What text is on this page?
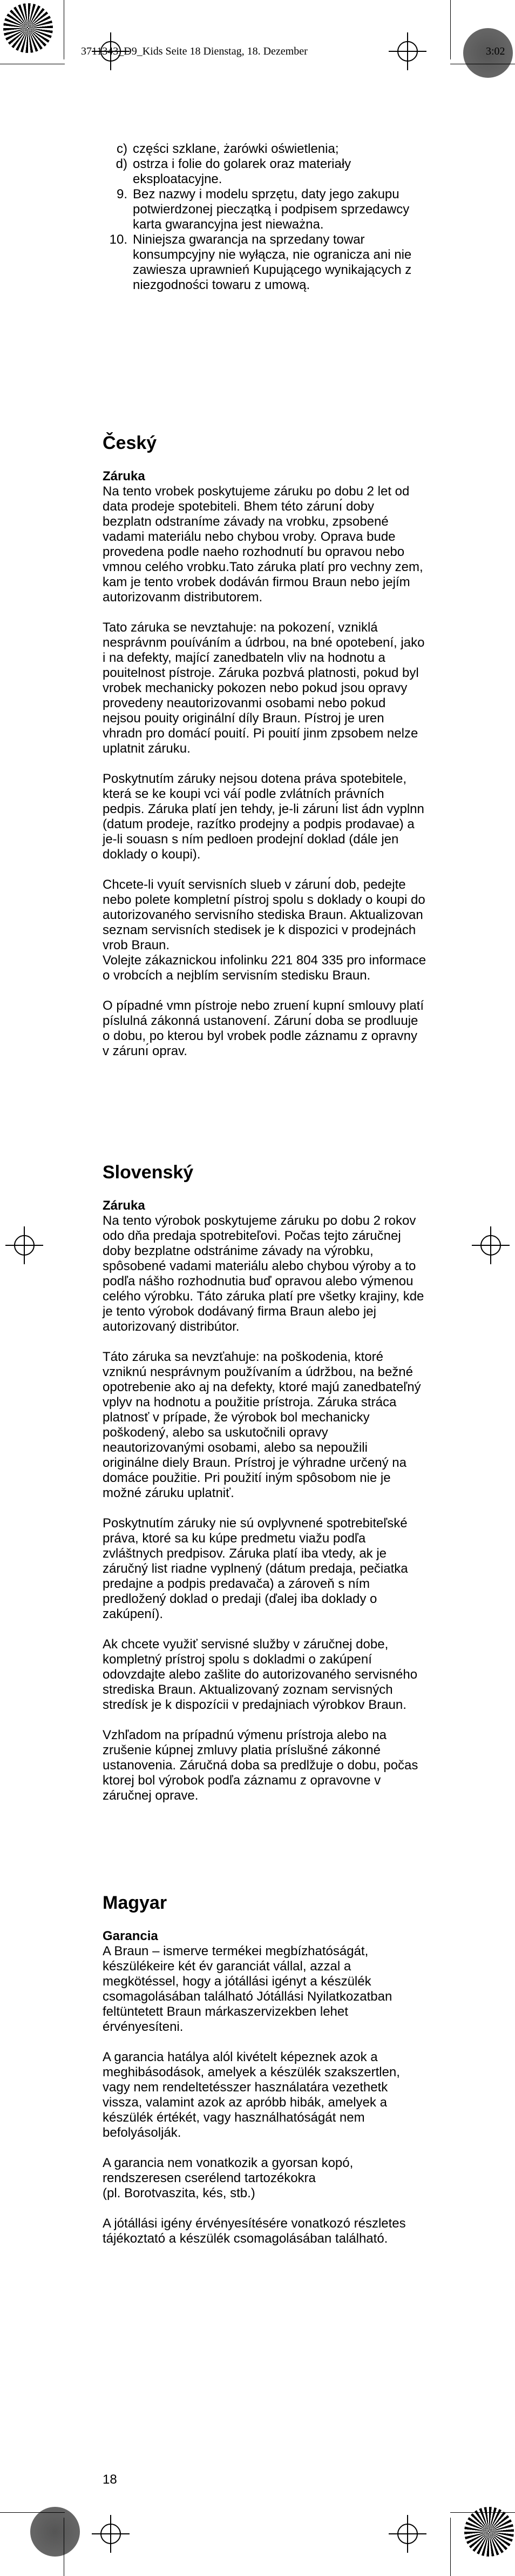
3711343_D9_Kids Seite 18 Dienstag, 18. Dezember	3:02
c) części szklane, żarówki oświetlenia;
d) ostrza i folie do golarek oraz materiały eksploatacyjne.
9. Bez nazwy i modelu sprzętu, daty jego zakupu potwierdzonej pieczątką i podpisem sprzedawcy karta gwarancyjna jest nieważna.
10. Niniejsza gwarancja na sprzedany towar konsumpcyjny nie wyłącza, nie ogranicza ani nie zawiesza uprawnień Kupującego wynikających z niezgodności towaru z umową.
Český

Záruka

Na tento vrobek poskytujeme záruku po dobu 2 let od data prodeje spotebiteli. Bhem této zárunı́ doby bezplatn odstraníme závady na vrobku, zpsobené vadami materiálu nebo chybou vroby. Oprava bude provedena podle naeho rozhodnutí bu opravou nebo vmnou celého vrobku.Tato záruka platí pro vechny zem, kam je tento vrobek dodáván firmou Braun nebo jejím autorizovanm distributorem.

Tato záruka se nevztahuje: na pokození, vzniklá nesprávnm pouíváním a údrbou, na bné opotebení, jako i na defekty, mající zanedbateln vliv na hodnotu a pouitelnost pístroje. Záruka pozbvá platnosti, pokud byl vrobek mechanicky pokozen nebo pokud jsou opravy provedeny neautorizovanmi osobami nebo pokud nejsou pouity originální díly Braun. Pístroj je uren vhradn pro domácí pouití. Pi pouití jinm zpsobem nelze uplatnit záruku.

Poskytnutím záruky nejsou dotena práva spotebitele, která se ke koupi vci váí podle zvlátních právních pedpis. Záruka platí jen tehdy, je-li zárunı́ list ádn vyplnn (datum prodeje, razítko prodejny a podpis prodavae) a je-li souasn s ním pedloen prodejní doklad (dále jen doklady o koupi).

Chcete-li vyuít servisních slueb v zárunı́ dob, pedejte nebo polete kompletní pístroj spolu s doklady o koupi do autorizovaného servisního stediska Braun. Aktualizovan seznam servisních stedisek je k dispozici v prodejnách vrob Braun.
Volejte zákaznickou infolinku 221 804 335 pro informace o vrobcích a nejblím servisním stedisku Braun.

O pípadné vmn pístroje nebo zruení kupní smlouvy platí píslulná zákonná ustanovení. Zárunı́ doba se prodluuje o dobu, po kterou byl vrobek podle záznamu z opravny v zárunı́ oprav.

Slovenský

Záruka

Na tento výrobok poskytujeme záruku po dobu 2 rokov odo dňa predaja spotrebiteľovi. Počas tejto záručnej doby bezplatne odstránime závady na výrobku, spôsobené vadami materiálu alebo chybou výroby a to podľa nášho rozhodnutia buď opravou alebo výmenou celého výrobku. Táto záruka platí pre všetky krajiny, kde je tento výrobok dodávaný firma Braun alebo jej autorizovaný distribútor.

Táto záruka sa nevzťahuje: na poškodenia, ktoré vzniknú nesprávnym používaním a údržbou, na bežné opotrebenie ako aj na defekty, ktoré majú zanedbateľný vplyv na hodnotu a použitie prístroja. Záruka stráca platnosť v prípade, že výrobok bol mechanicky poškodený, alebo sa uskutočnili opravy neautorizovanými osobami, alebo sa nepoužili originálne diely Braun. Prístroj je výhradne určený na domáce použitie. Pri použití iným spôsobom nie je možné záruku uplatniť.

Poskytnutím záruky nie sú ovplyvnené spotrebiteľské práva, ktoré sa ku kúpe predmetu viažu podľa zvláštnych predpisov. Záruka platí iba vtedy, ak je záručný list riadne vyplnený (dátum predaja, pečiatka predajne a podpis predavača) a zároveň s ním predložený doklad o predaji (ďalej iba doklady o zakúpení).

Ak chcete využiť servisné služby v záručnej dobe, kompletný prístroj spolu s dokladmi o zakúpení odovzdajte alebo zašlite do autorizovaného servisného strediska Braun. Aktualizovaný zoznam servisných stredísk je k dispozícii v predajniach výrobkov Braun.

Vzhľadom na prípadnú výmenu prístroja alebo na zrušenie kúpnej zmluvy platia príslušné zákonné ustanovenia. Záručná doba sa predlžuje o dobu, počas ktorej bol výrobok podľa záznamu z opravovne v záručnej oprave.

Magyar

Garancia

A Braun – ismerve termékei megbízhatóságát, készülékeire két év garanciát vállal, azzal a megkötéssel, hogy a jótállási igényt a készülék csomagolásában található Jótállási Nyilatkozatban feltüntetett Braun márkaszervizekben lehet érvényesíteni.

A garancia hatálya alól kivételt képeznek azok a meghibásodások, amelyek a készülék szakszertlen, vagy nem rendeltetésszer használatára vezethetk vissza, valamint azok az apróbb hibák, amelyek a készülék értékét, vagy használhatóságát nem befolyásolják.

A garancia nem vonatkozik a gyorsan kopó, rendszeresen cserélend tartozékokra
(pl. Borotvaszita, kés, stb.)

A jótállási igény érvényesítésére vonatkozó részletes tájékoztató a készülék csomagolásában található.

18
